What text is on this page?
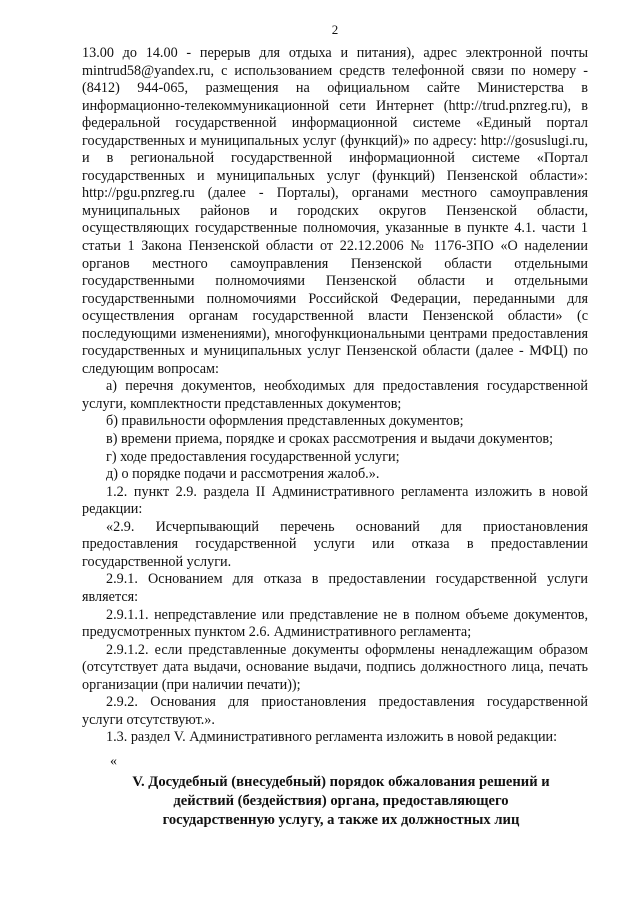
2

13.00 до 14.00 - перерыв для отдыха и питания), адрес электронной почты mintrud58@yandex.ru, с использованием средств телефонной связи по номеру - (8412) 944-065, размещения на официальном сайте Министерства в информационно-телекоммуникационной сети Интернет (http://trud.pnzreg.ru), в федеральной государственной информационной системе «Единый портал государственных и муниципальных услуг (функций)» по адресу: http://gosuslugi.ru, и в региональной государственной информационной системе «Портал государственных и муниципальных услуг (функций) Пензенской области»: http://pgu.pnzreg.ru (далее - Порталы), органами местного самоуправления муниципальных районов и городских округов Пензенской области, осуществляющих государственные полномочия, указанные в пункте 4.1. части 1 статьи 1 Закона Пензенской области от 22.12.2006 № 1176-ЗПО «О наделении органов местного самоуправления Пензенской области отдельными государственными полномочиями Пензенской области и отдельными государственными полномочиями Российской Федерации, переданными для осуществления органам государственной власти Пензенской области» (с последующими изменениями), многофункциональными центрами предоставления государственных и муниципальных услуг Пензенской области (далее - МФЦ) по следующим вопросам:

а) перечня документов, необходимых для предоставления государственной услуги, комплектности представленных документов;

б) правильности оформления представленных документов;

в) времени приема, порядке и сроках рассмотрения и выдачи документов;

г) ходе предоставления государственной услуги;

д) о порядке подачи и рассмотрения жалоб.».

1.2. пункт 2.9. раздела II Административного регламента изложить в новой редакции:

«2.9. Исчерпывающий перечень оснований для приостановления предоставления государственной услуги или отказа в предоставлении государственной услуги.

2.9.1. Основанием для отказа в предоставлении государственной услуги является:

2.9.1.1. непредставление или представление не в полном объеме документов, предусмотренных пунктом 2.6. Административного регламента;

2.9.1.2. если представленные документы оформлены ненадлежащим образом (отсутствует дата выдачи, основание выдачи, подпись должностного лица, печать организации (при наличии печати));

2.9.2. Основания для приостановления предоставления государственной услуги отсутствуют.».

1.3. раздел V. Административного регламента изложить в новой редакции:

«
V. Досудебный (внесудебный) порядок обжалования решений и
действий (бездействия) органа, предоставляющего
государственную услугу, а также их должностных лиц
